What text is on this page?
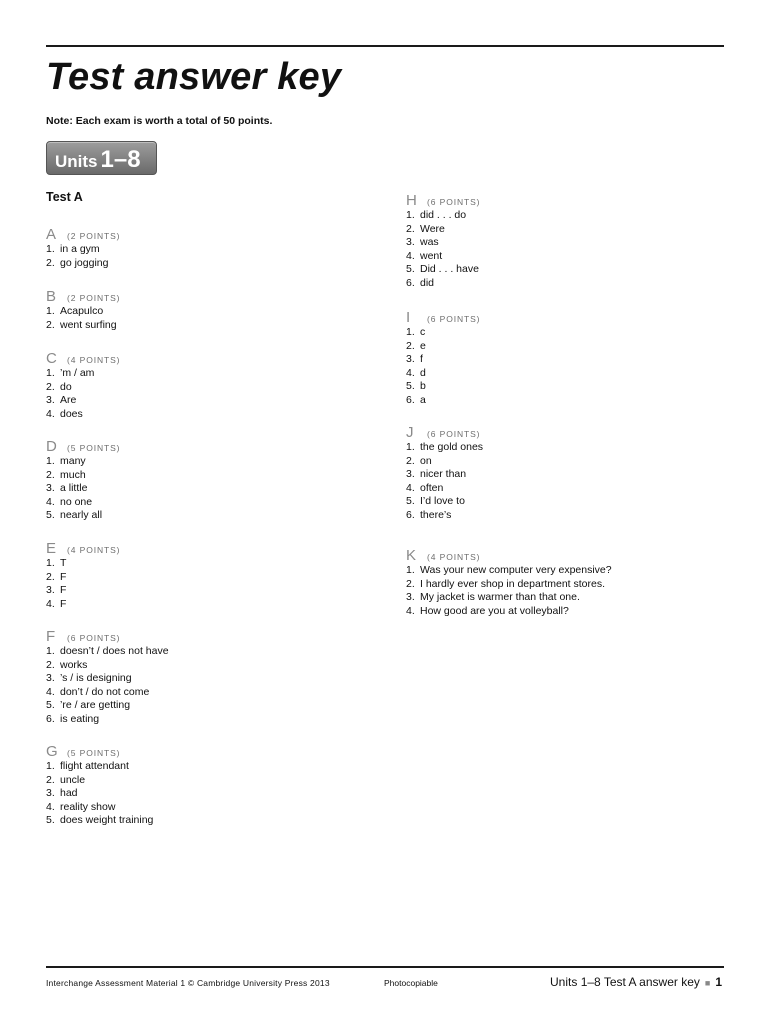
Test answer key
Note: Each exam is worth a total of 50 points.
Units 1–8
Test A
A	(2 POINTS)
1. in a gym
2. go jogging
B	(2 POINTS)
1. Acapulco
2. went surfing
C	(4 POINTS)
1. ’m / am
2. do
3. Are
4. does
D	(5 POINTS)
1. many
2. much
3. a little
4. no one
5. nearly all
E	(4 POINTS)
1. T
2. F
3. F
4. F
F	(6 POINTS)
1. doesn’t / does not have
2. works
3. ’s / is designing
4. don’t / do not come
5. ’re / are getting
6. is eating
G	(5 POINTS)
1. flight attendant
2. uncle
3. had
4. reality show
5. does weight training
H	(6 POINTS)
1. did . . . do
2. Were
3. was
4. went
5. Did . . . have
6. did
I	(6 POINTS)
1. c
2. e
3. f
4. d
5. b
6. a
J	(6 POINTS)
1. the gold ones
2. on
3. nicer than
4. often
5. I’d love to
6. there’s
K	(4 POINTS)
1. Was your new computer very expensive?
2. I hardly ever shop in department stores.
3. My jacket is warmer than that one.
4. How good are you at volleyball?
Interchange Assessment Material 1 © Cambridge University Press 2013	Photocopiable	Units 1–8 Test A answer key ■ 1
